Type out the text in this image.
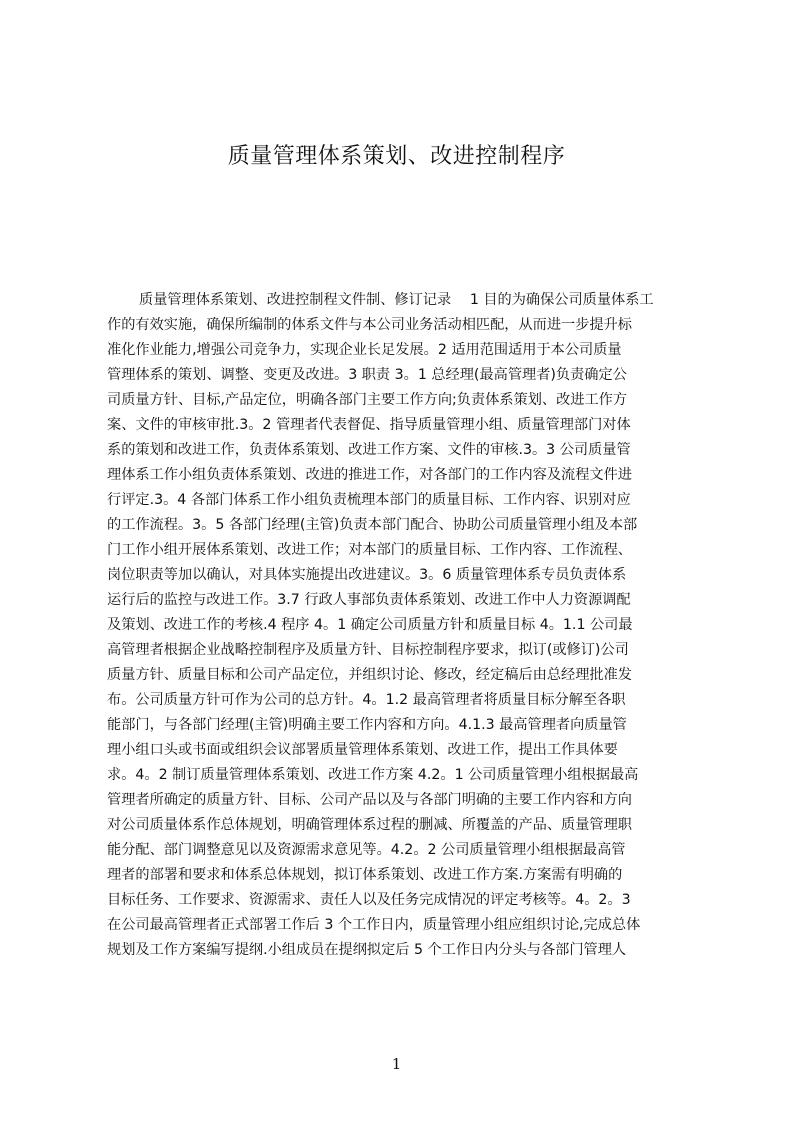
质量管理体系策划、改进控制程序
质量管理体系策划、改进控制程文件制、修订记录　 1 目的为确保公司质量体系工
作的有效实施，确保所编制的体系文件与本公司业务活动相匹配，从而进一步提升标
准化作业能力,增强公司竞争力，实现企业长足发展。2 适用范围适用于本公司质量
管理体系的策划、调整、变更及改进。3 职责 3。1 总经理(最高管理者)负责确定公
司质量方针、目标,产品定位，明确各部门主要工作方向;负责体系策划、改进工作方
案、文件的审核审批.3。2 管理者代表督促、指导质量管理小组、质量管理部门对体
系的策划和改进工作，负责体系策划、改进工作方案、文件的审核.3。3 公司质量管
理体系工作小组负责体系策划、改进的推进工作，对各部门的工作内容及流程文件进
行评定.3。4 各部门体系工作小组负责梳理本部门的质量目标、工作内容、识别对应
的工作流程。3。5 各部门经理(主管)负责本部门配合、协助公司质量管理小组及本部
门工作小组开展体系策划、改进工作；对本部门的质量目标、工作内容、工作流程、
岗位职责等加以确认，对具体实施提出改进建议。3。6 质量管理体系专员负责体系
运行后的监控与改进工作。3.7 行政人事部负责体系策划、改进工作中人力资源调配
及策划、改进工作的考核.4 程序 4。1 确定公司质量方针和质量目标 4。1.1 公司最
高管理者根据企业战略控制程序及质量方针、目标控制程序要求，拟订(或修订)公司
质量方针、质量目标和公司产品定位，并组织讨论、修改，经定稿后由总经理批准发
布。公司质量方针可作为公司的总方针。4。1.2 最高管理者将质量目标分解至各职
能部门，与各部门经理(主管)明确主要工作内容和方向。4.1.3 最高管理者向质量管
理小组口头或书面或组织会议部署质量管理体系策划、改进工作，提出工作具体要
求。4。2 制订质量管理体系策划、改进工作方案 4.2。1 公司质量管理小组根据最高
管理者所确定的质量方针、目标、公司产品以及与各部门明确的主要工作内容和方向
对公司质量体系作总体规划，明确管理体系过程的删减、所覆盖的产品、质量管理职
能分配、部门调整意见以及资源需求意见等。4.2。2 公司质量管理小组根据最高管
理者的部署和要求和体系总体规划，拟订体系策划、改进工作方案.方案需有明确的
目标任务、工作要求、资源需求、责任人以及任务完成情况的评定考核等。4。2。3
在公司最高管理者正式部署工作后 3 个工作日内，质量管理小组应组织讨论,完成总体
规划及工作方案编写提纲.小组成员在提纲拟定后 5 个工作日内分头与各部门管理人
1
